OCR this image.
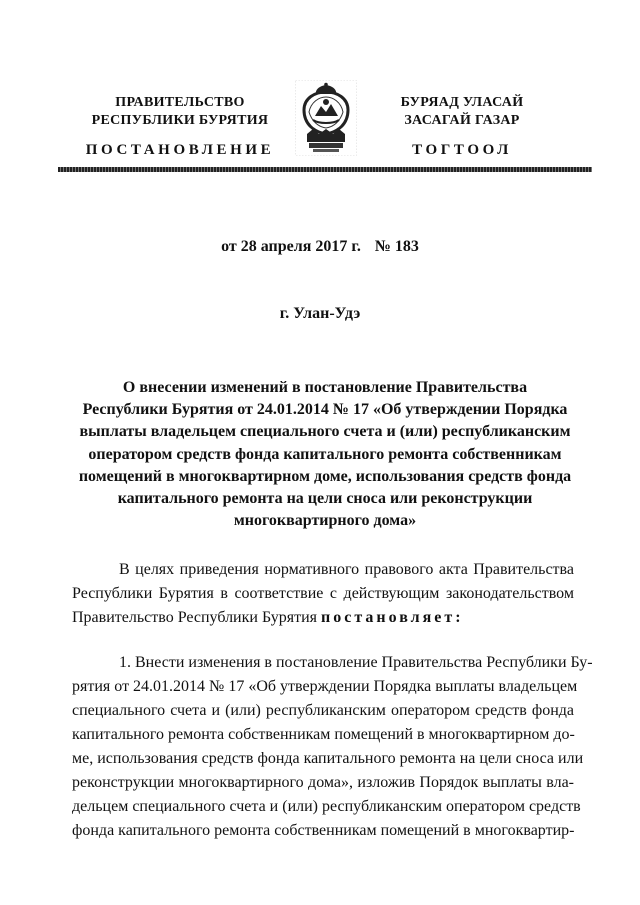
ПРАВИТЕЛЬСТВО
РЕСПУБЛИКИ БУРЯТИЯ
БУРЯАД УЛАСАЙ
ЗАСАГАЙ ГАЗАР
ПОСТАНОВЛЕНИЕ	ТОГТООЛ
от 28 апреля 2017 г. № 183
г. Улан-Удэ
О внесении изменений в постановление Правительства
Республики Бурятия от 24.01.2014 № 17 «Об утверждении Порядка
выплаты владельцем специального счета и (или) республиканским
оператором средств фонда капитального ремонта собственникам
помещений в многоквартирном доме, использования средств фонда
капитального ремонта на цели сноса или реконструкции
многоквартирного дома»
В целях приведения нормативного правового акта Правительства
Республики Бурятия в соответствие с действующим законодательством
Правительство Республики Бурятия постановляет:
1. Внести изменения в постановление Правительства Республики Бу-
рятия от 24.01.2014 № 17 «Об утверждении Порядка выплаты владельцем
специального счета и (или) республиканским оператором средств фонда
капитального ремонта собственникам помещений в многоквартирном до-
ме, использования средств фонда капитального ремонта на цели сноса или
реконструкции многоквартирного дома», изложив Порядок выплаты вла-
дельцем специального счета и (или) республиканским оператором средств
фонда капитального ремонта собственникам помещений в многоквартир-
